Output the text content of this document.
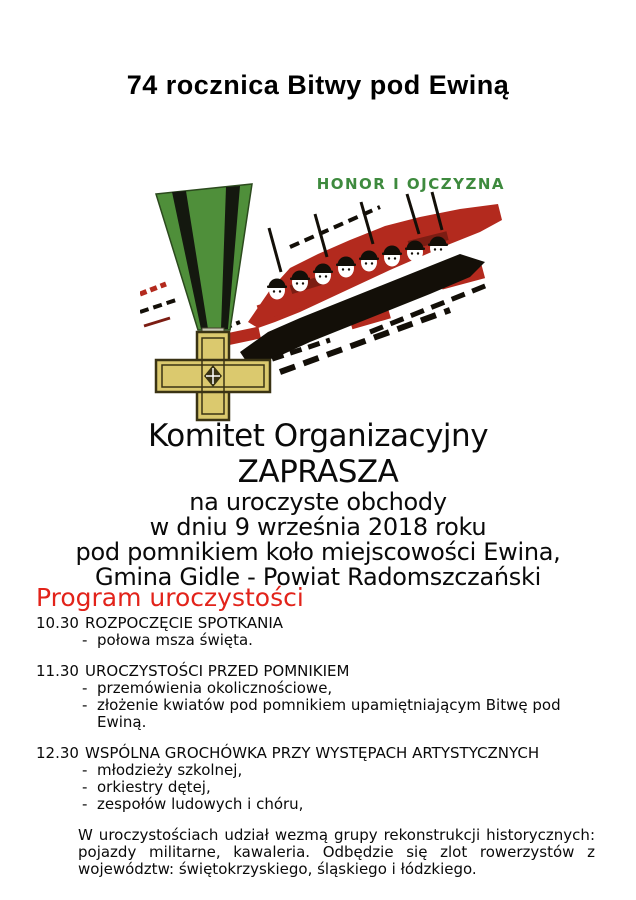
74 rocznica Bitwy pod Ewiną
HONOR I OJCZYZNA
Komitet Organizacyjny
ZAPRASZA
na uroczyste obchody
w dniu 9 września 2018 roku
pod pomnikiem koło miejscowości Ewina,
Gmina Gidle - Powiat Radomszczański
Program uroczystości
10.30 ROZPOCZĘCIE SPOTKANIA
- połowa msza święta.
11.30 UROCZYSTOŚCI PRZED POMNIKIEM
- przemówienia okolicznościowe,
- złożenie kwiatów pod pomnikiem upamiętniającym Bitwę pod Ewiną.
12.30 WSPÓLNA GROCHÓWKA PRZY WYSTĘPACH ARTYSTYCZNYCH
- młodzieży szkolnej,
- orkiestry dętej,
- zespołów ludowych i chóru,
W uroczystościach udział wezmą grupy rekonstrukcji historycznych: pojazdy militarne, kawaleria. Odbędzie się zlot rowerzystów z województw: świętokrzyskiego, śląskiego i łódzkiego.
